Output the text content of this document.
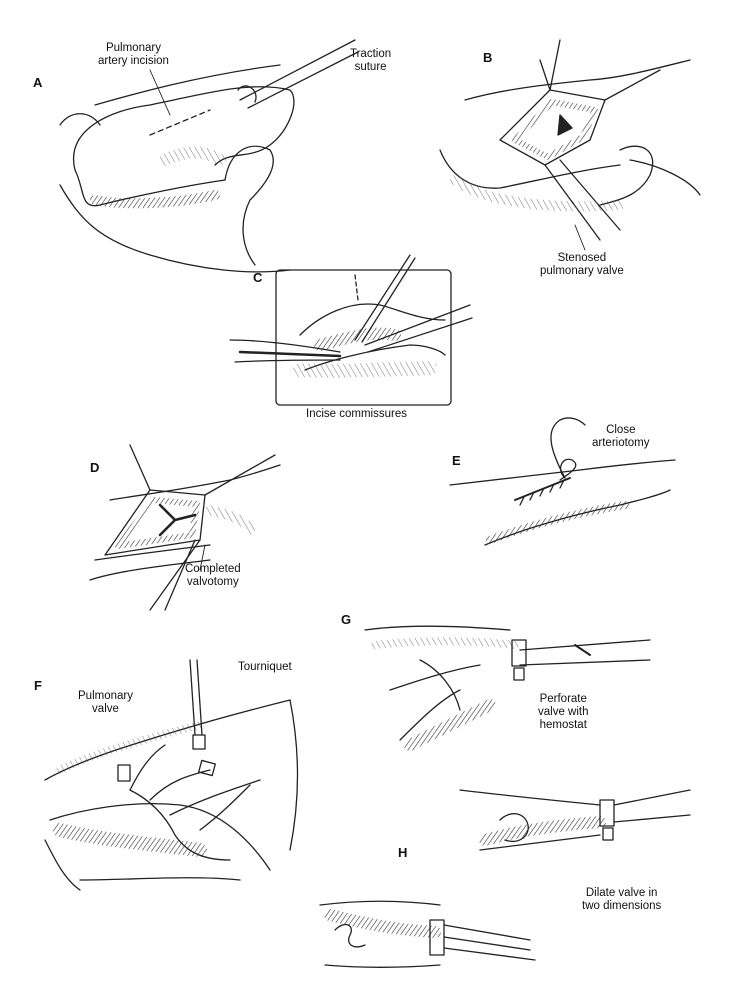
A
B
C
D	E
F
G
H
Pulmonary
artery incision
Traction
suture
Stenosed
pulmonary valve
Incise commissures
Completed
valvotomy
Close
arteriotomy
Tourniquet
Pulmonary
valve
Perforate
valve with
hemostat
Dilate valve in
two dimensions
